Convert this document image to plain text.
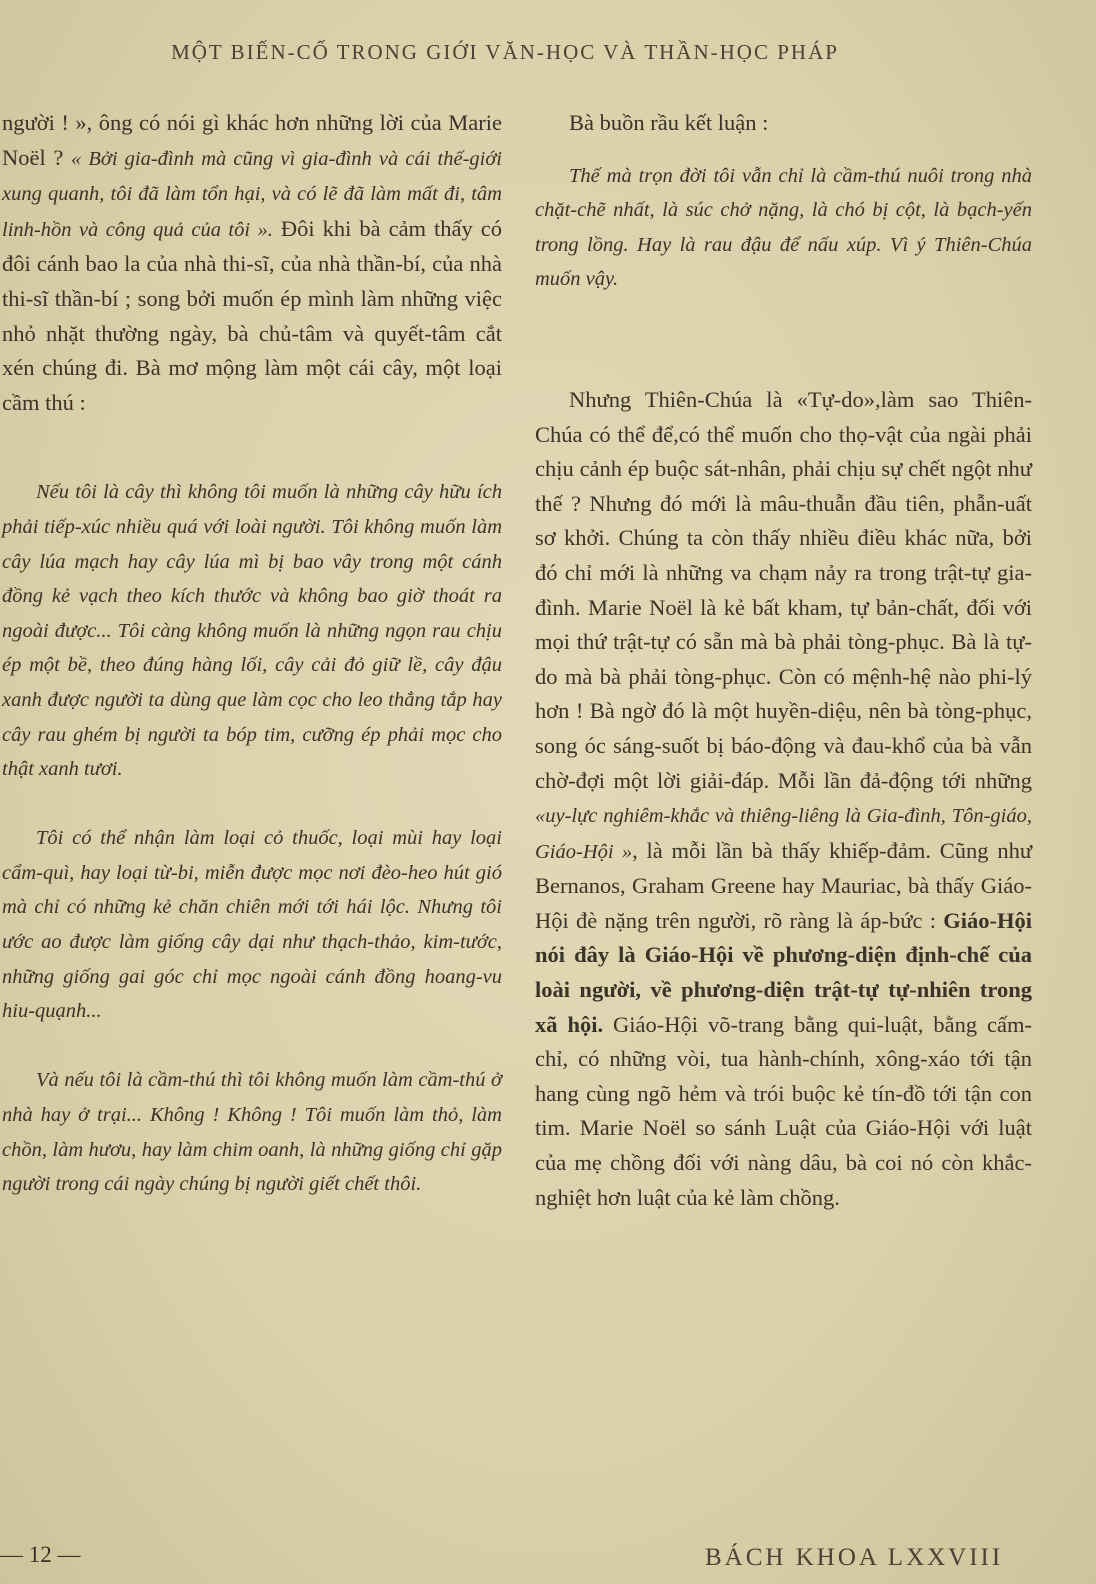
MỘT BIẾN-CỐ TRONG GIỚI VĂN-HỌC VÀ THẦN-HỌC PHÁP

người ! », ông có nói gì khác hơn những lời của Marie Noël ? « Bởi gia-đình mà cũng vì gia-đình và cái thế-giới xung quanh, tôi đã làm tổn hại, và có lẽ đã làm mất đi, tâm linh-hồn và công quả của tôi ». Đôi khi bà cảm thấy có đôi cánh bao la của nhà thi-sĩ, của nhà thần-bí, của nhà thi-sĩ thần-bí ; song bởi muốn ép mình làm những việc nhỏ nhặt thường ngày, bà chủ-tâm và quyết-tâm cắt xén chúng đi. Bà mơ mộng làm một cái cây, một loại cầm thú :

Nếu tôi là cây thì không tôi muốn là những cây hữu ích phải tiếp-xúc nhiều quá với loài người. Tôi không muốn làm cây lúa mạch hay cây lúa mì bị bao vây trong một cánh đồng kẻ vạch theo kích thước và không bao giờ thoát ra ngoài được... Tôi càng không muốn là những ngọn rau chịu ép một bề, theo đúng hàng lối, cây cải đỏ giữ lề, cây đậu xanh được người ta dùng que làm cọc cho leo thẳng tắp hay cây rau ghém bị người ta bóp tim, cưỡng ép phải mọc cho thật xanh tươi.

Tôi có thể nhận làm loại cỏ thuốc, loại mùi hay loại cẩm-quì, hay loại từ-bi, miễn được mọc nơi đèo-heo hút gió mà chỉ có những kẻ chăn chiên mới tới hái lộc. Nhưng tôi ước ao được làm giống cây dại như thạch-thảo, kim-tước, những giống gai góc chỉ mọc ngoài cánh đồng hoang-vu hiu-quạnh...

Và nếu tôi là cầm-thú thì tôi không muốn làm cầm-thú ở nhà hay ở trại... Không ! Không ! Tôi muốn làm thỏ, làm chồn, làm hươu, hay làm chim oanh, là những giống chỉ gặp người trong cái ngày chúng bị người giết chết thôi.

Bà buồn rầu kết luận :

Thế mà trọn đời tôi vẫn chỉ là cầm-thú nuôi trong nhà chặt-chẽ nhất, là súc chở nặng, là chó bị cột, là bạch-yến trong lồng. Hay là rau đậu để nấu xúp. Vì ý Thiên-Chúa muốn vậy.

Nhưng Thiên-Chúa là «Tự-do»,làm sao Thiên-Chúa có thể để,có thể muốn cho thọ-vật của ngài phải chịu cảnh ép buộc sát-nhân, phải chịu sự chết ngột như thế ? Nhưng đó mới là mâu-thuẫn đầu tiên, phẫn-uất sơ khởi. Chúng ta còn thấy nhiều điều khác nữa, bởi đó chỉ mới là những va chạm nảy ra trong trật-tự gia-đình. Marie Noël là kẻ bất kham, tự bản-chất, đối với mọi thứ trật-tự có sẵn mà bà phải tòng-phục. Bà là tự-do mà bà phải tòng-phục. Còn có mệnh-hệ nào phi-lý hơn ! Bà ngờ đó là một huyền-diệu, nên bà tòng-phục, song óc sáng-suốt bị báo-động và đau-khổ của bà vẫn chờ-đợi một lời giải-đáp. Mỗi lần đả-động tới những «uy-lực nghiêm-khắc và thiêng-liêng là Gia-đình, Tôn-giáo, Giáo-Hội », là mỗi lần bà thấy khiếp-đảm. Cũng như Bernanos, Graham Greene hay Mauriac, bà thấy Giáo-Hội đè nặng trên người, rõ ràng là áp-bức : Giáo-Hội nói đây là Giáo-Hội về phương-diện định-chế của loài người, về phương-diện trật-tự tự-nhiên trong xã hội. Giáo-Hội võ-trang bằng qui-luật, bằng cấm-chỉ, có những vòi, tua hành-chính, xông-xáo tới tận hang cùng ngõ hẻm và trói buộc kẻ tín-đồ tới tận con tim. Marie Noël so sánh Luật của Giáo-Hội với luật của mẹ chồng đối với nàng dâu, bà coi nó còn khắc-nghiệt hơn luật của kẻ làm chồng.

— 12 —	BÁCH KHOA LXXVIII
